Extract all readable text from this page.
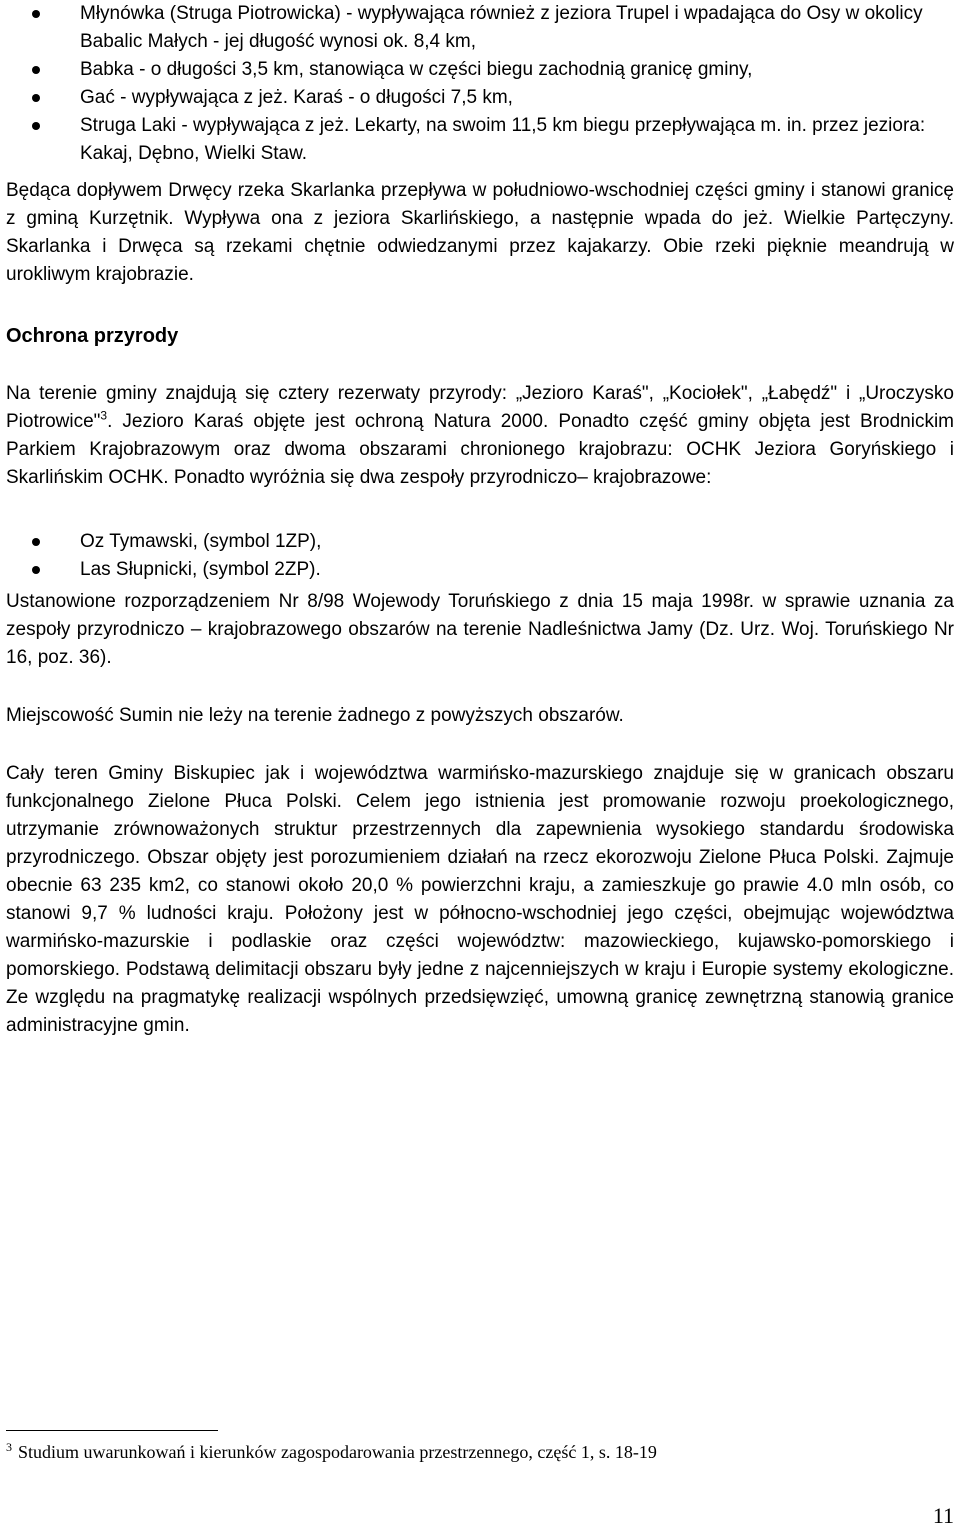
Młynówka (Struga Piotrowicka) - wypływająca również z jeziora Trupel i wpadająca do Osy w okolicy Babalic Małych - jej długość wynosi ok. 8,4 km,
Babka - o długości 3,5 km, stanowiąca w części biegu zachodnią granicę gminy,
Gać - wypływająca z jeż. Karaś - o długości 7,5 km,
Struga Laki - wypływająca z jeż. Lekarty, na swoim 11,5 km biegu przepływająca m. in. przez jeziora: Kakaj, Dębno, Wielki Staw.

Będąca dopływem Drwęcy rzeka Skarlanka przepływa w południowo-wschodniej części gminy i stanowi granicę z gminą Kurzętnik. Wypływa ona z jeziora Skarlińskiego, a następnie wpada do jeż. Wielkie Partęczyny. Skarlanka i Drwęca są rzekami chętnie odwiedzanymi przez kajakarzy. Obie rzeki pięknie meandrują w urokliwym krajobrazie.

Ochrona przyrody

Na terenie gminy znajdują się cztery rezerwaty przyrody: „Jezioro Karaś", „Kociołek", „Łabędź" i „Uroczysko Piotrowice"$^3$. Jezioro Karaś objęte jest ochroną Natura 2000. Ponadto część gminy objęta jest Brodnickim Parkiem Krajobrazowym oraz dwoma obszarami chronionego krajobrazu: OCHK Jeziora Goryńskiego i Skarlińskim OCHK. Ponadto wyróżnia się dwa zespoły przyrodniczo– krajobrazowe:

Oz Tymawski, (symbol 1ZP),
Las Słupnicki, (symbol 2ZP).

Ustanowione rozporządzeniem Nr 8/98 Wojewody Toruńskiego z dnia 15 maja 1998r. w sprawie uznania za zespoły przyrodniczo – krajobrazowego obszarów na terenie Nadleśnictwa Jamy (Dz. Urz. Woj. Toruńskiego Nr 16, poz. 36).

Miejscowość Sumin nie leży na terenie żadnego z powyższych obszarów.

Cały teren Gminy Biskupiec jak i województwa warmińsko-mazurskiego znajduje się w granicach obszaru funkcjonalnego Zielone Płuca Polski. Celem jego istnienia jest promowanie rozwoju proekologicznego, utrzymanie zrównoważonych struktur przestrzennych dla zapewnienia wysokiego standardu środowiska przyrodniczego. Obszar objęty jest porozumieniem działań na rzecz ekorozwoju Zielone Płuca Polski. Zajmuje obecnie 63 235 km2, co stanowi około 20,0 % powierzchni kraju, a zamieszkuje go prawie 4.0 mln osób, co stanowi 9,7 % ludności kraju. Położony jest w północno-wschodniej jego części, obejmując województwa warmińsko-mazurskie i podlaskie oraz części województw: mazowieckiego, kujawsko-pomorskiego i pomorskiego. Podstawą delimitacji obszaru były jedne z najcenniejszych w kraju i Europie systemy ekologiczne. Ze względu na pragmatykę realizacji wspólnych przedsięwzięć, umowną granicę zewnętrzną stanowią granice administracyjne gmin.

$^3$ Studium uwarunkowań i kierunków zagospodarowania przestrzennego, część 1, s. 18-19
11
